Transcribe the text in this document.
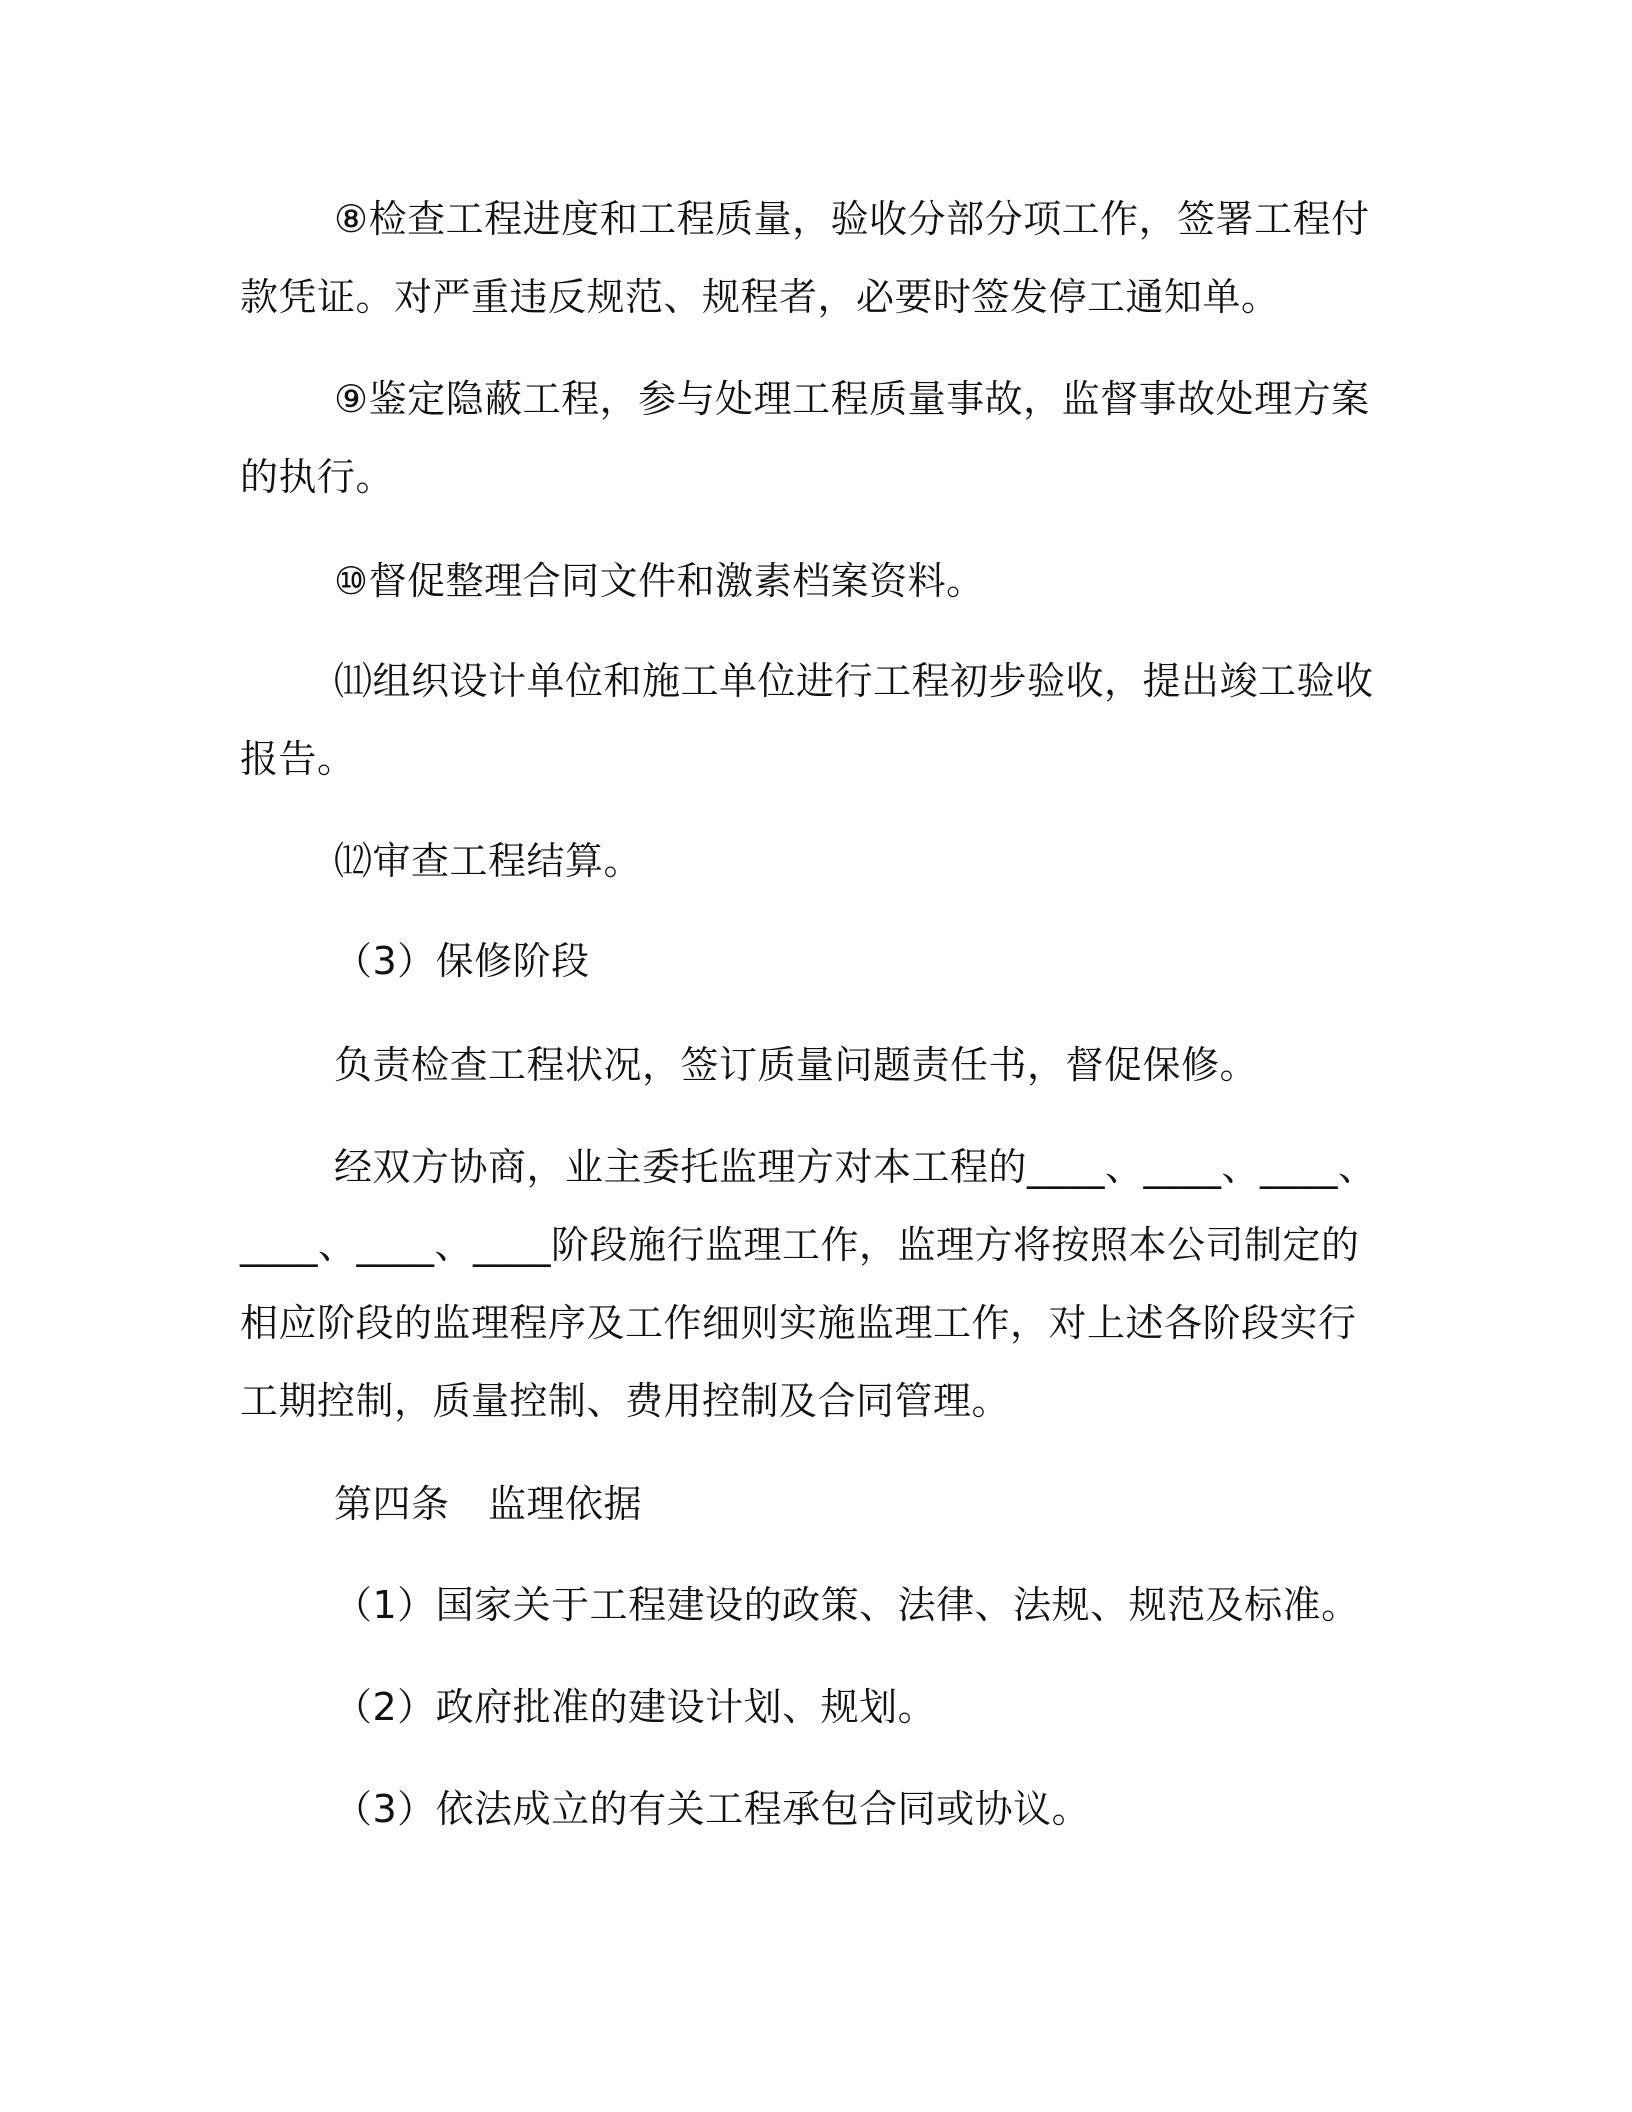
⑧检查工程进度和工程质量，验收分部分项工作，签署工程付款凭证。对严重违反规范、规程者，必要时签发停工通知单。

⑨鉴定隐蔽工程，参与处理工程质量事故，监督事故处理方案的执行。

⑩督促整理合同文件和激素档案资料。

⑾组织设计单位和施工单位进行工程初步验收，提出竣工验收报告。

⑿审查工程结算。

（3）保修阶段

负责检查工程状况，签订质量问题责任书，督促保修。

经双方协商，业主委托监理方对本工程的____、____、____、____、____、____阶段施行监理工作，监理方将按照本公司制定的相应阶段的监理程序及工作细则实施监理工作，对上述各阶段实行工期控制，质量控制、费用控制及合同管理。

第四条　监理依据

（1）国家关于工程建设的政策、法律、法规、规范及标准。

（2）政府批准的建设计划、规划。

（3）依法成立的有关工程承包合同或协议。
